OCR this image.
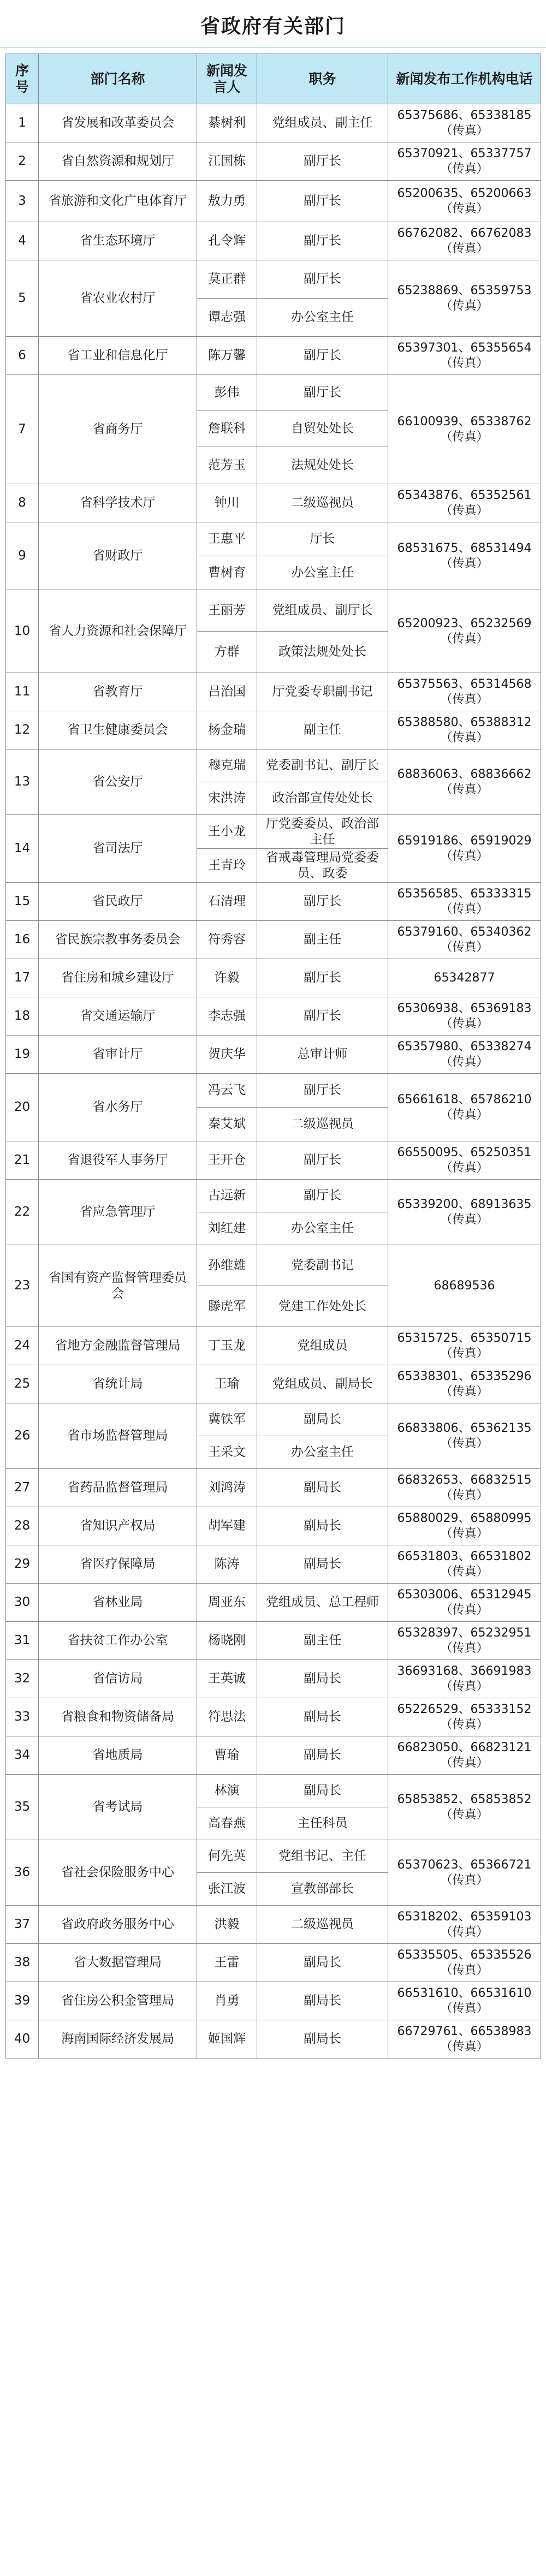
省政府有关部门
序号	部门名称	新闻发言人	职务	新闻发布工作机构电话
1	省发展和改革委员会	綦树利	党组成员、副主任	65375686、65338185（传真）
2	省自然资源和规划厅	江国栋	副厅长	65370921、65337757（传真）
3	省旅游和文化广电体育厅	敖力勇	副厅长	65200635、65200663（传真）
4	省生态环境厅	孔令辉	副厅长	66762082、66762083（传真）
5	省农业农村厅	莫正群	副厅长	65238869、65359753（传真）
		谭志强	办公室主任	
6	省工业和信息化厅	陈万馨	副厅长	65397301、65355654（传真）
7	省商务厅	彭伟	副厅长	66100939、65338762（传真）
		詹联科	自贸处处长	
		范芳玉	法规处处长	
8	省科学技术厅	钟川	二级巡视员	65343876、65352561（传真）
9	省财政厅	王惠平	厅长	68531675、68531494（传真）
		曹树育	办公室主任	
10	省人力资源和社会保障厅	王丽芳	党组成员、副厅长	65200923、65232569（传真）
		方群	政策法规处处长	
11	省教育厅	吕治国	厅党委专职副书记	65375563、65314568（传真）
12	省卫生健康委员会	杨金瑞	副主任	65388580、65388312（传真）
13	省公安厅	穆克瑞	党委副书记、副厅长	68836063、68836662（传真）
		宋洪涛	政治部宣传处处长	
14	省司法厅	王小龙	厅党委委员、政治部主任	65919186、65919029（传真）
		王青玲	省戒毒管理局党委委员、政委	
15	省民政厅	石清理	副厅长	65356585、65333315（传真）
16	省民族宗教事务委员会	符秀容	副主任	65379160、65340362（传真）
17	省住房和城乡建设厅	许毅	副厅长	65342877
18	省交通运输厅	李志强	副厅长	65306938、65369183（传真）
19	省审计厅	贺庆华	总审计师	65357980、65338274（传真）
20	省水务厅	冯云飞	副厅长	65661618、65786210（传真）
		秦艾斌	二级巡视员	
21	省退役军人事务厅	王开仓	副厅长	66550095、65250351（传真）
22	省应急管理厅	古远新	副厅长	65339200、68913635（传真）
		刘红建	办公室主任	
23	省国有资产监督管理委员会	孙维雄	党委副书记	68689536
		滕虎军	党建工作处处长	
24	省地方金融监督管理局	丁玉龙	党组成员	65315725、65350715（传真）
25	省统计局	王瑜	党组成员、副局长	65338301、65335296（传真）
26	省市场监督管理局	冀铁军	副局长	66833806、65362135（传真）
		王采文	办公室主任	
27	省药品监督管理局	刘鸿涛	副局长	66832653、66832515（传真）
28	省知识产权局	胡军建	副局长	65880029、65880995（传真）
29	省医疗保障局	陈涛	副局长	66531803、66531802（传真）
30	省林业局	周亚东	党组成员、总工程师	65303006、65312945（传真）
31	省扶贫工作办公室	杨晓刚	副主任	65328397、65232951（传真）
32	省信访局	王英诚	副局长	36693168、36691983（传真）
33	省粮食和物资储备局	符思法	副局长	65226529、65333152（传真）
34	省地质局	曹瑜	副局长	66823050、66823121（传真）
35	省考试局	林演	副局长	65853852、65853852（传真）
		高春燕	主任科员	
36	省社会保险服务中心	何先英	党组书记、主任	65370623、65366721（传真）
		张江波	宣教部部长	
37	省政府政务服务中心	洪毅	二级巡视员	65318202、65359103（传真）
38	省大数据管理局	王雷	副局长	65335505、65335526（传真）
39	省住房公积金管理局	肖勇	副局长	66531610、66531610（传真）
40	海南国际经济发展局	姬国辉	副局长	66729761、66538983（传真）
